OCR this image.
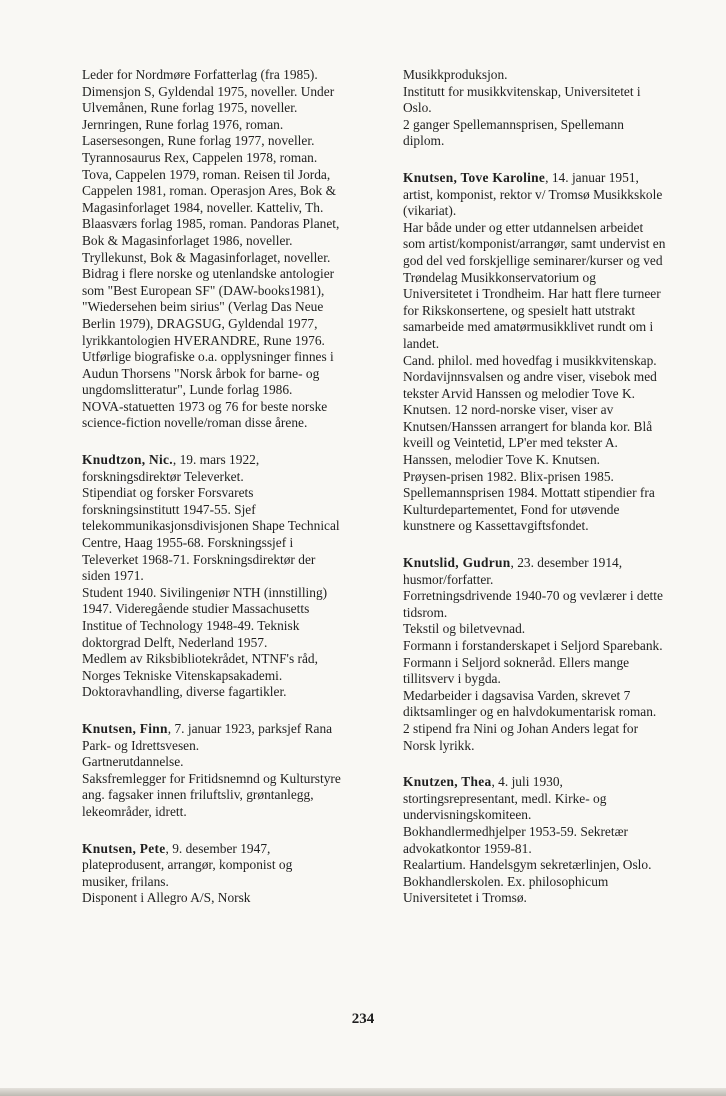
Leder for Nordmøre Forfatterlag (fra 1985).
Dimensjon S, Gyldendal 1975, noveller. Under
Ulvemånen, Rune forlag 1975, noveller.
Jernringen, Rune forlag 1976, roman.
Lasersesongen, Rune forlag 1977, noveller.
Tyrannosaurus Rex, Cappelen 1978, roman.
Tova, Cappelen 1979, roman. Reisen til Jorda,
Cappelen 1981, roman. Operasjon Ares, Bok &
Magasinforlaget 1984, noveller. Katteliv, Th.
Blaasværs forlag 1985, roman. Pandoras Planet,
Bok & Magasinforlaget 1986, noveller.
Tryllekunst, Bok & Magasinforlaget, noveller.
Bidrag i flere norske og utenlandske antologier
som "Best European SF" (DAW-books1981),
"Wiedersehen beim sirius" (Verlag Das Neue
Berlin 1979), DRAGSUG, Gyldendal 1977,
lyrikkantologien HVERANDRE, Rune 1976.
Utførlige biografiske o.a. opplysninger finnes i
Audun Thorsens "Norsk årbok for barne- og
ungdomslitteratur", Lunde forlag 1986.
NOVA-statuetten 1973 og 76 for beste norske
science-fiction novelle/roman disse årene.
Knudtzon, Nic., 19. mars 1922,
forskningsdirektør Televerket.
Stipendiat og forsker Forsvarets
forskningsinstitutt 1947-55. Sjef
telekommunikasjonsdivisjonen Shape Technical
Centre, Haag 1955-68. Forskningssjef i
Televerket 1968-71. Forskningsdirektør der
siden 1971.
Student 1940. Sivilingeniør NTH (innstilling)
1947. Videregående studier Massachusetts
Institue of Technology 1948-49. Teknisk
doktorgrad Delft, Nederland 1957.
Medlem av Riksbibliotekrådet, NTNF's råd,
Norges Tekniske Vitenskapsakademi.
Doktoravhandling, diverse fagartikler.
Knutsen, Finn, 7. januar 1923, parksjef Rana
Park- og Idrettsvesen.
Gartnerutdannelse.
Saksfremlegger for Fritidsnemnd og Kulturstyre
ang. fagsaker innen friluftsliv, grøntanlegg,
lekeområder, idrett.
Knutsen, Pete, 9. desember 1947,
plateprodusent, arrangør, komponist og
musiker, frilans.
Disponent i Allegro A/S, Norsk
Musikkproduksjon.
Institutt for musikkvitenskap, Universitetet i
Oslo.
2 ganger Spellemannsprisen, Spellemann
diplom.
Knutsen, Tove Karoline, 14. januar 1951,
artist, komponist, rektor v/ Tromsø Musikkskole
(vikariat).
Har både under og etter utdannelsen arbeidet
som artist/komponist/arrangør, samt undervist en
god del ved forskjellige seminarer/kurser og ved
Trøndelag Musikkonservatorium og
Universitetet i Trondheim. Har hatt flere turneer
for Rikskonsertene, og spesielt hatt utstrakt
samarbeide med amatørmusikklivet rundt om i
landet.
Cand. philol. med hovedfag i musikkvitenskap.
Nordavijnnsvalsen og andre viser, visebok med
tekster Arvid Hanssen og melodier Tove K.
Knutsen. 12 nord-norske viser, viser av
Knutsen/Hanssen arrangert for blanda kor. Blå
kveill og Veintetid, LP'er med tekster A.
Hanssen, melodier Tove K. Knutsen.
Prøysen-prisen 1982. Blix-prisen 1985.
Spellemannsprisen 1984. Mottatt stipendier fra
Kulturdepartementet, Fond for utøvende
kunstnere og Kassettavgiftsfondet.
Knutslid, Gudrun, 23. desember 1914,
husmor/forfatter.
Forretningsdrivende 1940-70 og vevlærer i dette
tidsrom.
Tekstil og biletvevnad.
Formann i forstanderskapet i Seljord Sparebank.
Formann i Seljord sokneråd. Ellers mange
tillitsverv i bygda.
Medarbeider i dagsavisa Varden, skrevet 7
diktsamlinger og en halvdokumentarisk roman.
2 stipend fra Nini og Johan Anders legat for
Norsk lyrikk.
Knutzen, Thea, 4. juli 1930,
stortingsrepresentant, medl. Kirke- og
undervisningskomiteen.
Bokhandlermedhjelper 1953-59. Sekretær
advokatkontor 1959-81.
Realartium. Handelsgym sekretærlinjen, Oslo.
Bokhandlerskolen. Ex. philosophicum
Universitetet i Tromsø.
234
